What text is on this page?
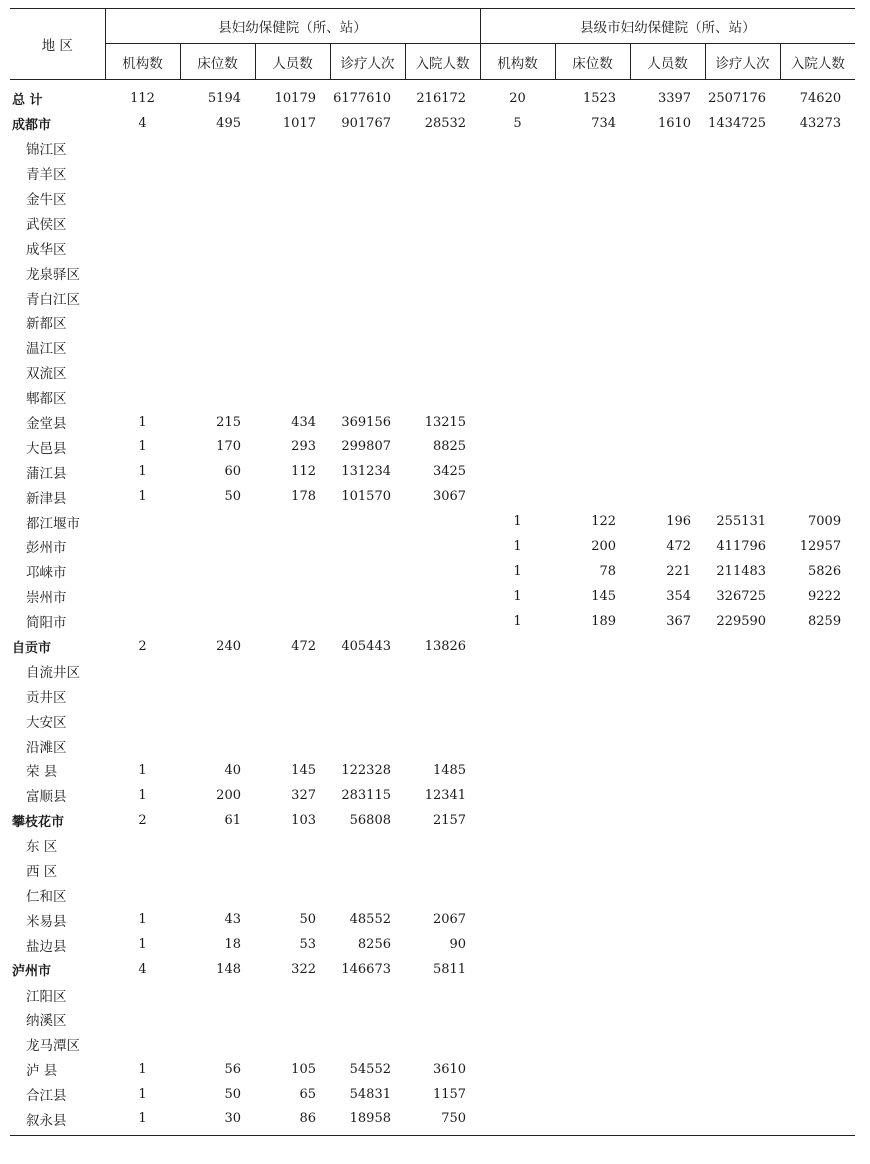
地 区	县妇幼保健院（所、站）					县级市妇幼保健院（所、站）				
	机构数	床位数	人员数	诊疗人次	入院人数	机构数	床位数	人员数	诊疗人次	入院人数
总 计	112	5194	10179	6177610	216172	20	1523	3397	2507176	74620
成都市	4	495	1017	901767	28532	5	734	1610	1434725	43273
锦江区										
青羊区										
金牛区										
武侯区										
成华区										
龙泉驿区										
青白江区										
新都区										
温江区										
双流区										
郫都区										
金堂县	1	215	434	369156	13215					
大邑县	1	170	293	299807	8825					
蒲江县	1	60	112	131234	3425					
新津县	1	50	178	101570	3067					
都江堰市						1	122	196	255131	7009
彭州市						1	200	472	411796	12957
邛崃市						1	78	221	211483	5826
崇州市						1	145	354	326725	9222
简阳市						1	189	367	229590	8259
自贡市	2	240	472	405443	13826					
自流井区										
贡井区										
大安区										
沿滩区										
荣 县	1	40	145	122328	1485					
富顺县	1	200	327	283115	12341					
攀枝花市	2	61	103	56808	2157					
东 区										
西 区										
仁和区										
米易县	1	43	50	48552	2067					
盐边县	1	18	53	8256	90					
泸州市	4	148	322	146673	5811					
江阳区										
纳溪区										
龙马潭区										
泸 县	1	56	105	54552	3610					
合江县	1	50	65	54831	1157					
叙永县	1	30	86	18958	750					
